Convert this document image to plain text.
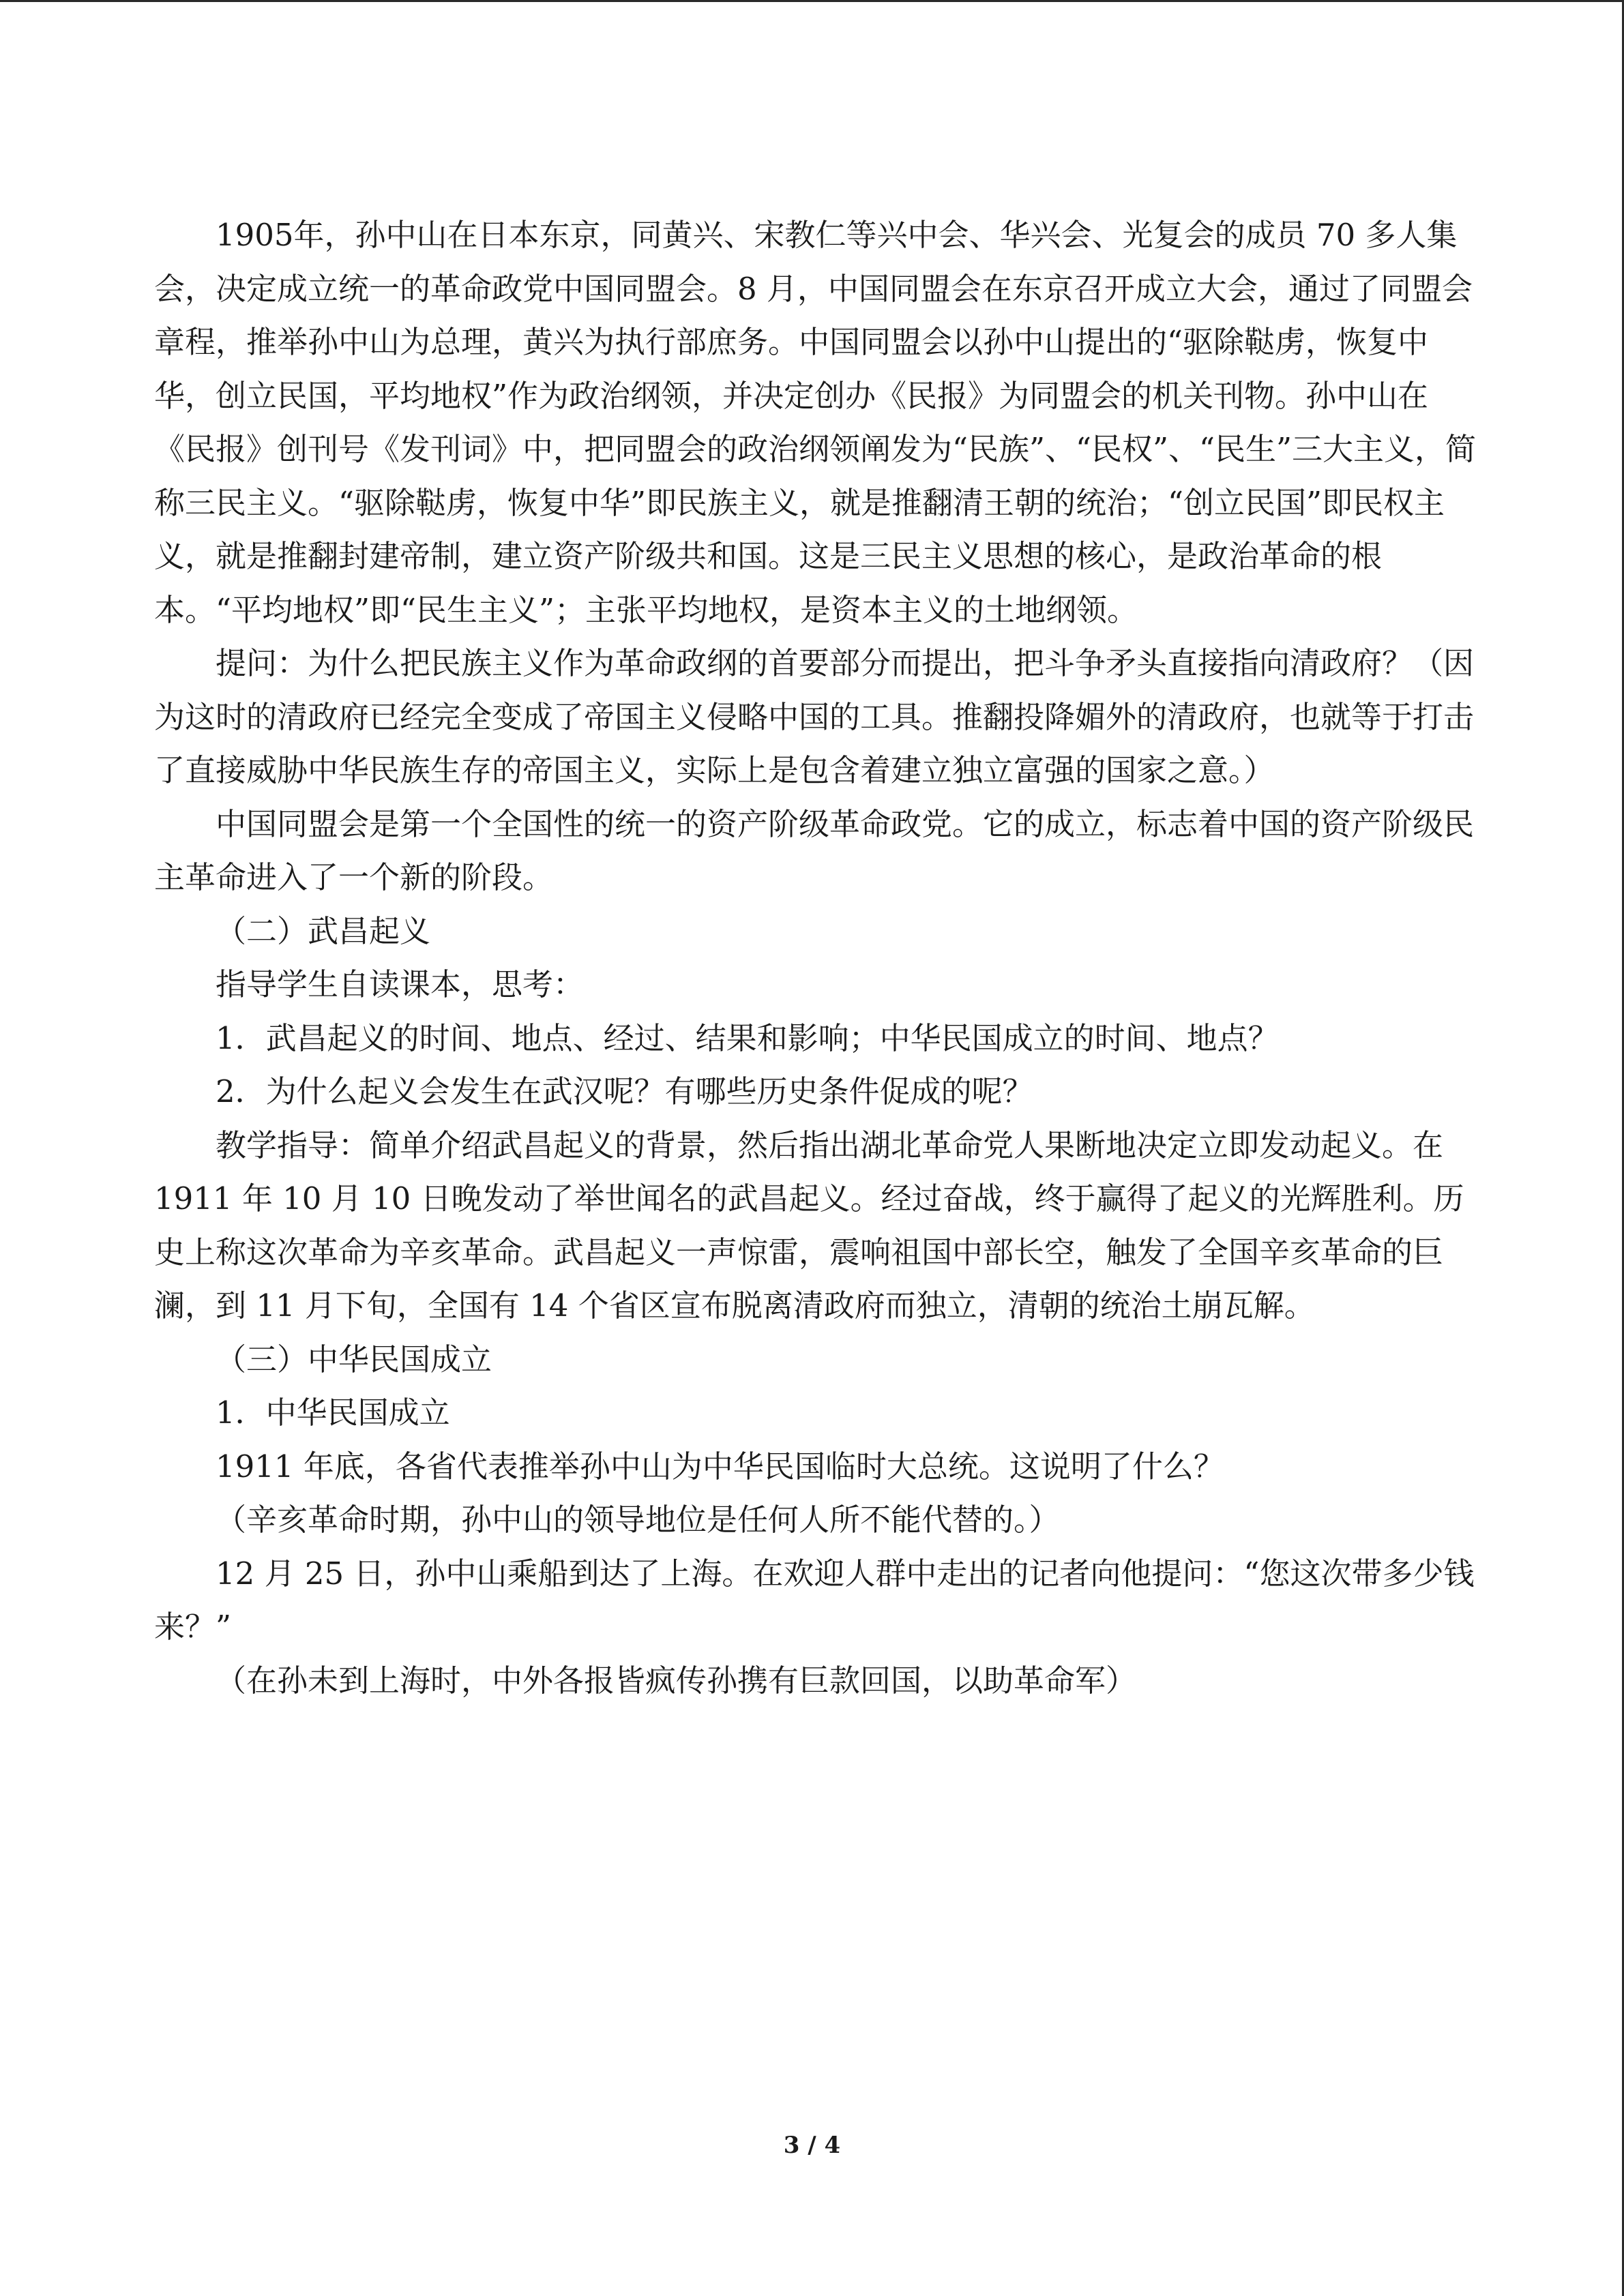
1905年，孙中山在日本东京，同黄兴、宋教仁等兴中会、华兴会、光复会的成员 70 多人集会，决定成立统一的革命政党中国同盟会。8 月，中国同盟会在东京召开成立大会，通过了同盟会章程，推举孙中山为总理，黄兴为执行部庶务。中国同盟会以孙中山提出的“驱除鞑虏，恢复中华，创立民国，平均地权”作为政治纲领，并决定创办《民报》为同盟会的机关刊物。孙中山在《民报》创刊号《发刊词》中，把同盟会的政治纲领阐发为“民族”、“民权”、“民生”三大主义，简称三民主义。“驱除鞑虏，恢复中华”即民族主义，就是推翻清王朝的统治；“创立民国”即民权主义，就是推翻封建帝制，建立资产阶级共和国。这是三民主义思想的核心，是政治革命的根本。“平均地权”即“民生主义”；主张平均地权，是资本主义的土地纲领。

提问：为什么把民族主义作为革命政纲的首要部分而提出，把斗争矛头直接指向清政府？（因为这时的清政府已经完全变成了帝国主义侵略中国的工具。推翻投降媚外的清政府，也就等于打击了直接威胁中华民族生存的帝国主义，实际上是包含着建立独立富强的国家之意。）

中国同盟会是第一个全国性的统一的资产阶级革命政党。它的成立，标志着中国的资产阶级民主革命进入了一个新的阶段。

（二）武昌起义

指导学生自读课本，思考：

1．武昌起义的时间、地点、经过、结果和影响；中华民国成立的时间、地点？

2．为什么起义会发生在武汉呢？有哪些历史条件促成的呢？

教学指导：简单介绍武昌起义的背景，然后指出湖北革命党人果断地决定立即发动起义。在 1911 年 10 月 10 日晚发动了举世闻名的武昌起义。经过奋战，终于赢得了起义的光辉胜利。历史上称这次革命为辛亥革命。武昌起义一声惊雷，震响祖国中部长空，触发了全国辛亥革命的巨澜，到 11 月下旬，全国有 14 个省区宣布脱离清政府而独立，清朝的统治土崩瓦解。

（三）中华民国成立

1．中华民国成立

1911 年底，各省代表推举孙中山为中华民国临时大总统。这说明了什么？

（辛亥革命时期，孙中山的领导地位是任何人所不能代替的。）

12 月 25 日，孙中山乘船到达了上海。在欢迎人群中走出的记者向他提问：“您这次带多少钱来？”

（在孙未到上海时，中外各报皆疯传孙携有巨款回国，以助革命军）

3 / 4
